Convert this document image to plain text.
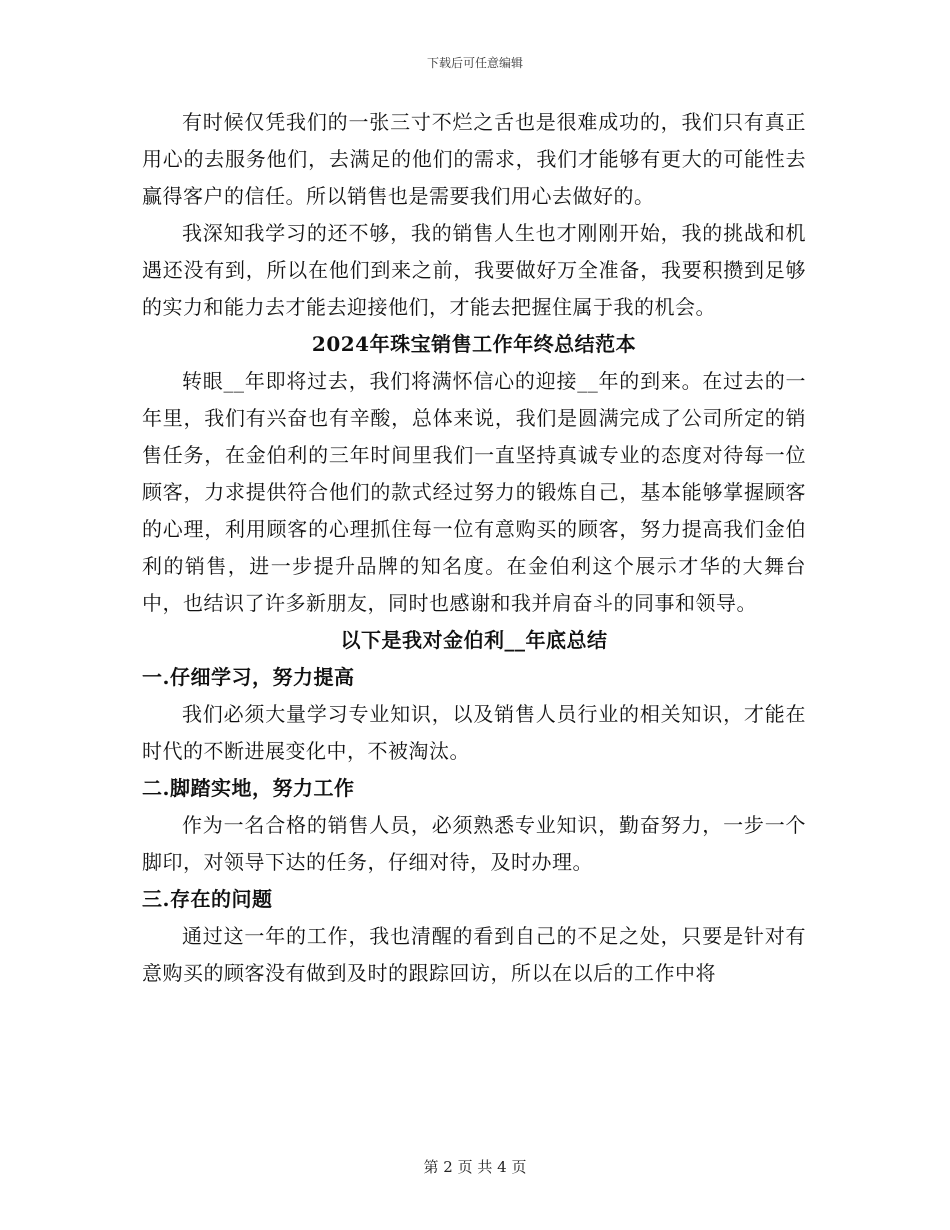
下载后可任意编辑

有时候仅凭我们的一张三寸不烂之舌也是很难成功的，我们只有真正用心的去服务他们，去满足的他们的需求，我们才能够有更大的可能性去赢得客户的信任。所以销售也是需要我们用心去做好的。

我深知我学习的还不够，我的销售人生也才刚刚开始，我的挑战和机遇还没有到，所以在他们到来之前，我要做好万全准备，我要积攒到足够的实力和能力去才能去迎接他们，才能去把握住属于我的机会。

2024年珠宝销售工作年终总结范本

转眼__年即将过去，我们将满怀信心的迎接__年的到来。在过去的一年里，我们有兴奋也有辛酸，总体来说，我们是圆满完成了公司所定的销售任务，在金伯利的三年时间里我们一直坚持真诚专业的态度对待每一位顾客，力求提供符合他们的款式经过努力的锻炼自己，基本能够掌握顾客的心理，利用顾客的心理抓住每一位有意购买的顾客，努力提高我们金伯利的销售，进一步提升品牌的知名度。在金伯利这个展示才华的大舞台中，也结识了许多新朋友，同时也感谢和我并肩奋斗的同事和领导。

以下是我对金伯利__年底总结

一.仔细学习，努力提高

我们必须大量学习专业知识，以及销售人员行业的相关知识，才能在时代的不断进展变化中，不被淘汰。

二.脚踏实地，努力工作

作为一名合格的销售人员，必须熟悉专业知识，勤奋努力，一步一个脚印，对领导下达的任务，仔细对待，及时办理。

三.存在的问题

通过这一年的工作，我也清醒的看到自己的不足之处，只要是针对有意购买的顾客没有做到及时的跟踪回访，所以在以后的工作中将

第 2 页 共 4 页
